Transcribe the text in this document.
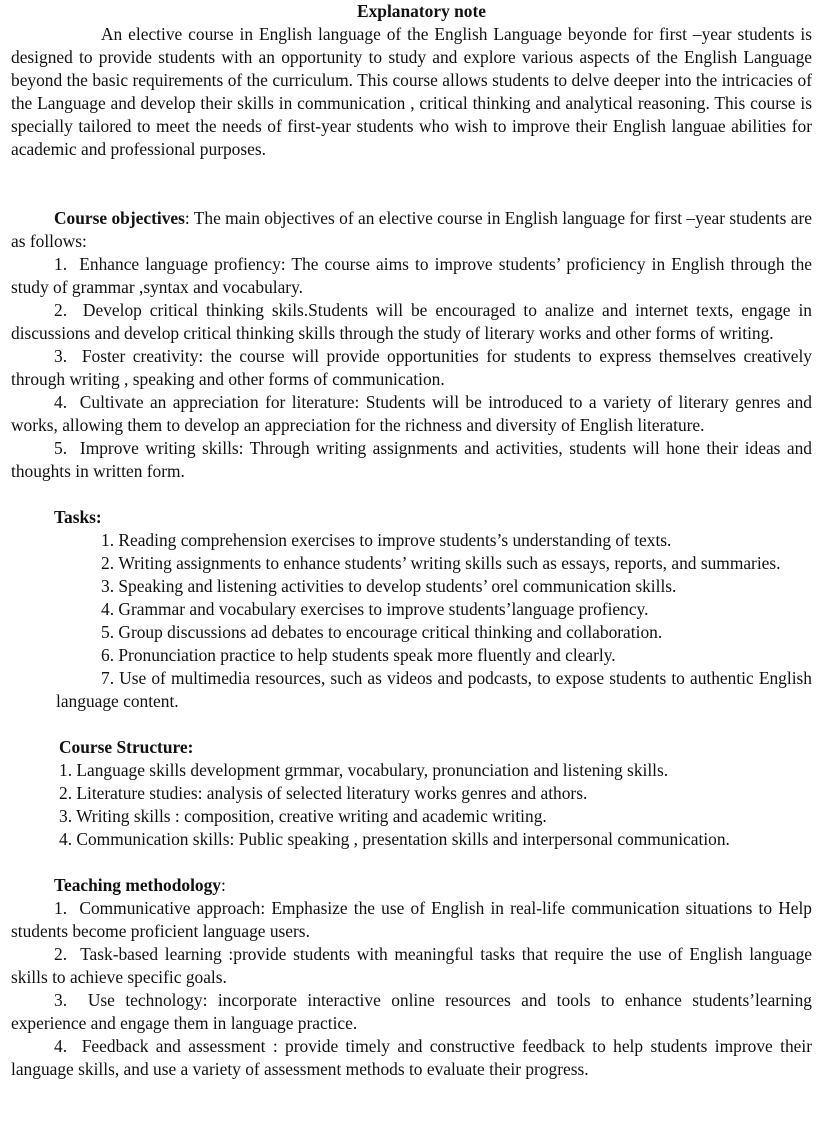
Explanatory note

An elective course in English language of the English Language beyonde for first –year students is designed to provide students with an opportunity to study and explore various aspects of the English Language beyond the basic requirements of the curriculum. This course allows students to delve deeper into the intricacies of the Language and develop their skills in communication , critical thinking and analytical reasoning. This course is specially tailored to meet the needs of first-year students who wish to improve their English languae abilities for academic and professional purposes.

Course objectives: The main objectives of an elective course in English language for first –year students are as follows:

1.  Enhance language profiency: The course aims to improve students’ proficiency in English through the study of grammar ,syntax and vocabulary.

2.  Develop critical thinking skils.Students will be encouraged to analize and internet texts, engage in discussions and develop critical thinking skills through the study of literary works and other forms of writing.

3.  Foster creativity: the course will provide opportunities for students to express themselves creatively through writing , speaking and other forms of communication.

4.  Cultivate an appreciation for literature: Students will be introduced to a variety of literary genres and works, allowing them to develop an appreciation for the richness and diversity of English literature.

5.  Improve writing skills: Through writing assignments and activities, students will hone their ideas and thoughts in written form.

Tasks:

1. Reading comprehension exercises to improve students’s understanding of texts.
2. Writing assignments to enhance students’ writing skills such as essays, reports, and summaries.
3. Speaking and listening activities to develop students’ orel communication skills.
4. Grammar and vocabulary exercises to improve students’language profiency.
5. Group discussions ad debates to encourage critical thinking and collaboration.
6. Pronunciation practice to help students speak more fluently and clearly.
7. Use of multimedia resources, such as videos and podcasts, to expose students to authentic English language content.

Course Structure:

1. Language skills development grmmar, vocabulary, pronunciation and listening skills.

2. Literature studies: analysis of selected literatury works genres and athors.

3. Writing skills : composition, creative writing and academic writing.

4. Communication skills: Public speaking , presentation skills and interpersonal communication.

Teaching methodology:

1.  Communicative approach: Emphasize the use of English in real-life communication situations to Help students become proficient language users.

2.  Task-based learning :provide students with meaningful tasks that require the use of English language skills to achieve specific goals.

3.  Use technology: incorporate interactive online resources and tools to enhance students’learning experience and engage them in language practice.

4.  Feedback and assessment : provide timely and constructive feedback to help students improve their language skills, and use a variety of assessment methods to evaluate their progress.
